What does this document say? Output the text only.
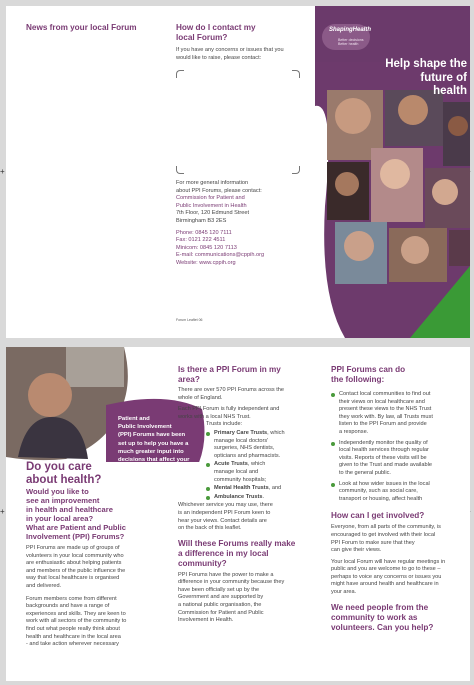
+
+
News from your local Forum	How do I contact my
local Forum?
If you have any concerns or issues that you
would like to raise, please contact:
For more general information
about PPI Forums, please contact:
Commission for Patient and
Public Involvement in Health
7th Floor, 120 Edmund Street
Birmingham B3 2ES
Phone: 0845 120 7111
Fax: 0121 222 4511
Minicom: 0845 120 7113
E-mail: communications@cppih.org
Website: www.cppih.org
Forum Leaflet 06
ShapingHealth
Better decisions
Better health
Help shape the
future of
health
Patient and
Public Involvement
(PPI) Forums have been
set up to help you have a
much greater input into
decisions that affect your
health and the health of
your local community.
Do you care
about health?
Would you like to
see an improvement
in health and healthcare
in your local area?
What are Patient and Public
Involvement (PPI) Forums?
PPI Forums are made up of groups of
volunteers in your local community who
are enthusiastic about helping patients
and members of the public influence the
way that local healthcare is organised
and delivered.
Forum members come from different
backgrounds and have a range of
experiences and skills. They are keen to
work with all sectors of the community to
find out what people really think about
health and healthcare in the local area
- and take action wherever necessary
Is there a PPI Forum in my area?
There are over 570 PPI Forums across the
whole of England.
Each PPI Forum is fully independent and
works with a local NHS Trust.
Trusts include:
Primary Care Trusts, which
manage local doctors'
surgeries, NHS dentists,
opticians and pharmacists.
Acute Trusts, which
manage local and
community hospitals;
Mental Health Trusts, and
Ambulance Trusts.
Whichever service you may use, there
is an independent PPI Forum keen to
hear your views. Contact details are
on the back of this leaflet.
Will these Forums really make
a difference in my local
community?
PPI Forums have the power to make a
difference in your community because they
have been officially set up by the
Government and are supported by
a national public organisation, the
Commission for Patient and Public
Involvement in Health.
PPI Forums can do
the following:
Contact local communities to find out
their views on local healthcare and
present these views to the NHS Trust
they work with. By law, all Trusts must
listen to the PPI Forum and provide
a response.
Independently monitor the quality of
local health services through regular
visits. Reports of these visits will be
given to the Trust and made available
to the general public.
Look at how wider issues in the local
community, such as social care,
transport or housing, affect health
How can I get involved?
Everyone, from all parts of the community, is
encouraged to get involved with their local
PPI Forum to make sure that they
can give their views.
Your local Forum will have regular meetings in
public and you are welcome to go to these –
perhaps to voice any concerns or issues you
might have around health and healthcare in
your area.
We need people from the
community to work as
volunteers. Can you help?
